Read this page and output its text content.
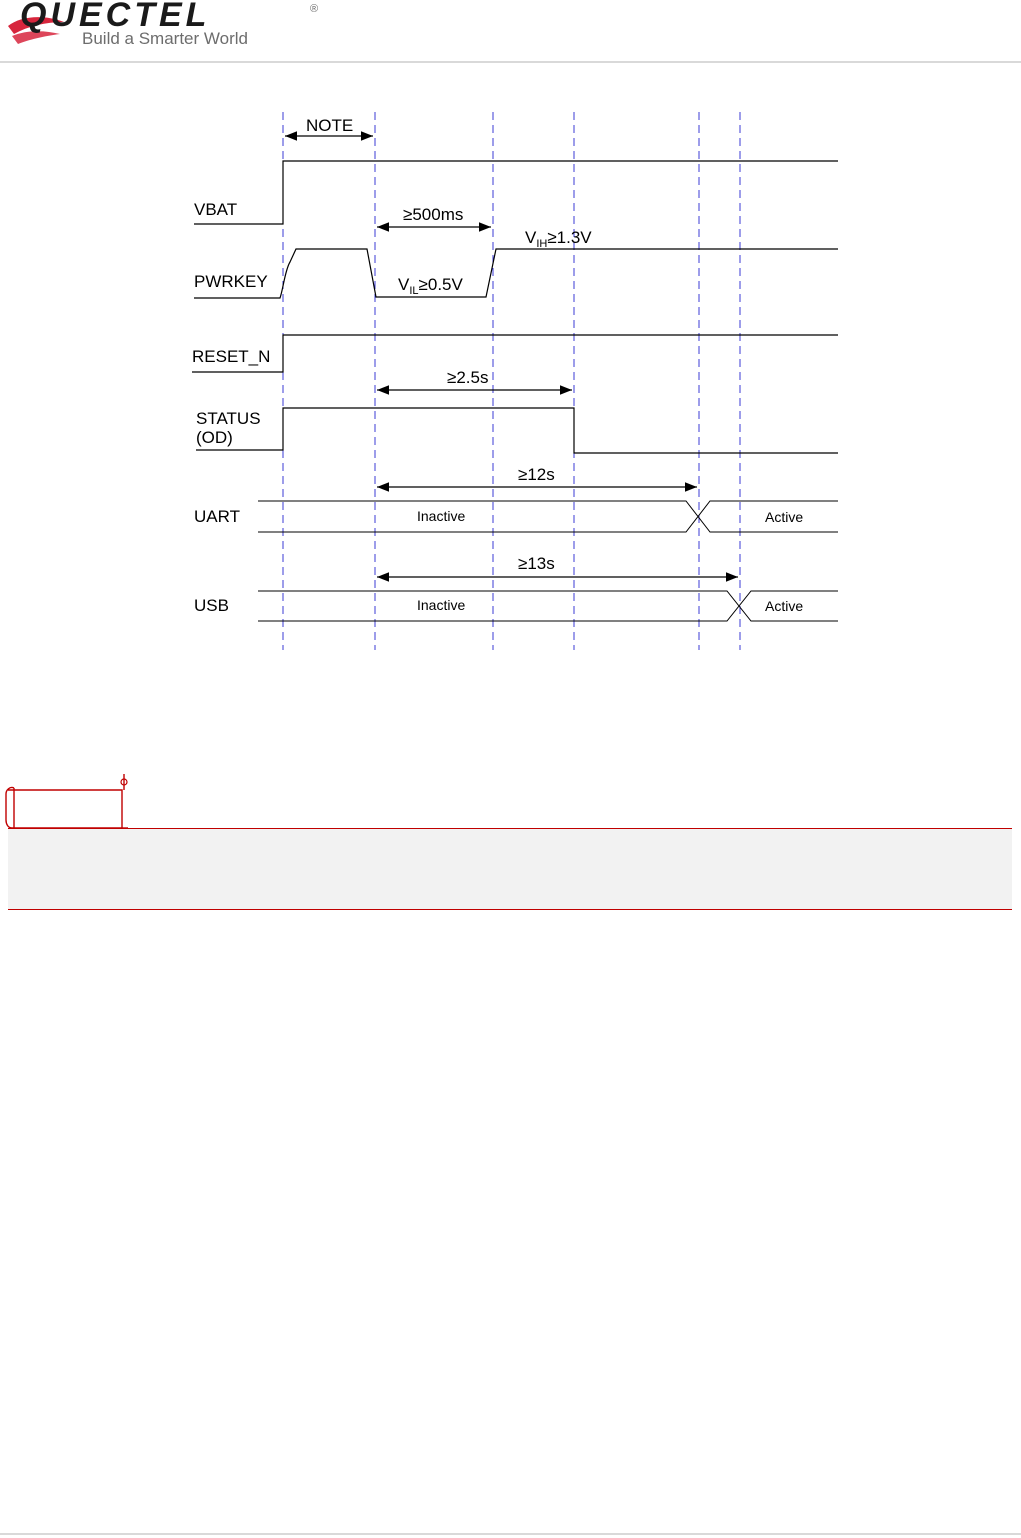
QUECTEL	®
Build a Smarter World
NOTE
VBAT	≥500ms
$V_{IH}\ge 1.3V$
PWRKEY	$V_{IL}\ge 0.5V$
RESET_N
≥2.5s
STATUS
(OD)
≥12s
UART	Inactive	Active
≥13s
USB	Inactive	Active
